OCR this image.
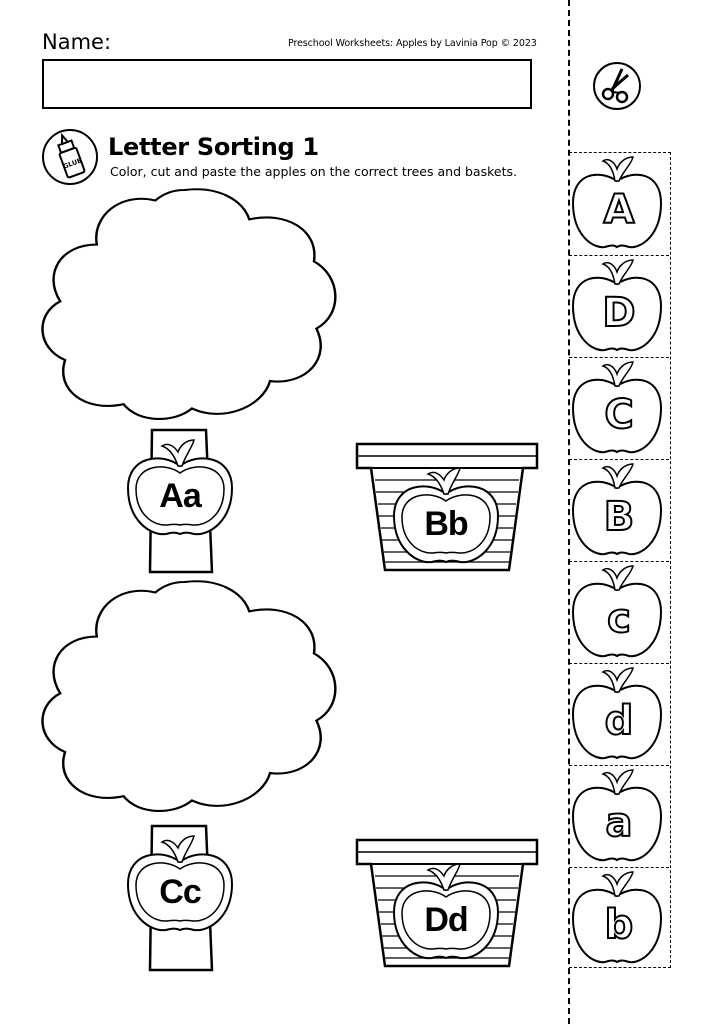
Name:	Preschool Worksheets: Apples by Lavinia Pop © 2023
GLUE
Letter Sorting 1
Color, cut and paste the apples on the correct trees and baskets.
Aa
Bb
Cc
Dd
A
D
C
B
c
d
a
b
